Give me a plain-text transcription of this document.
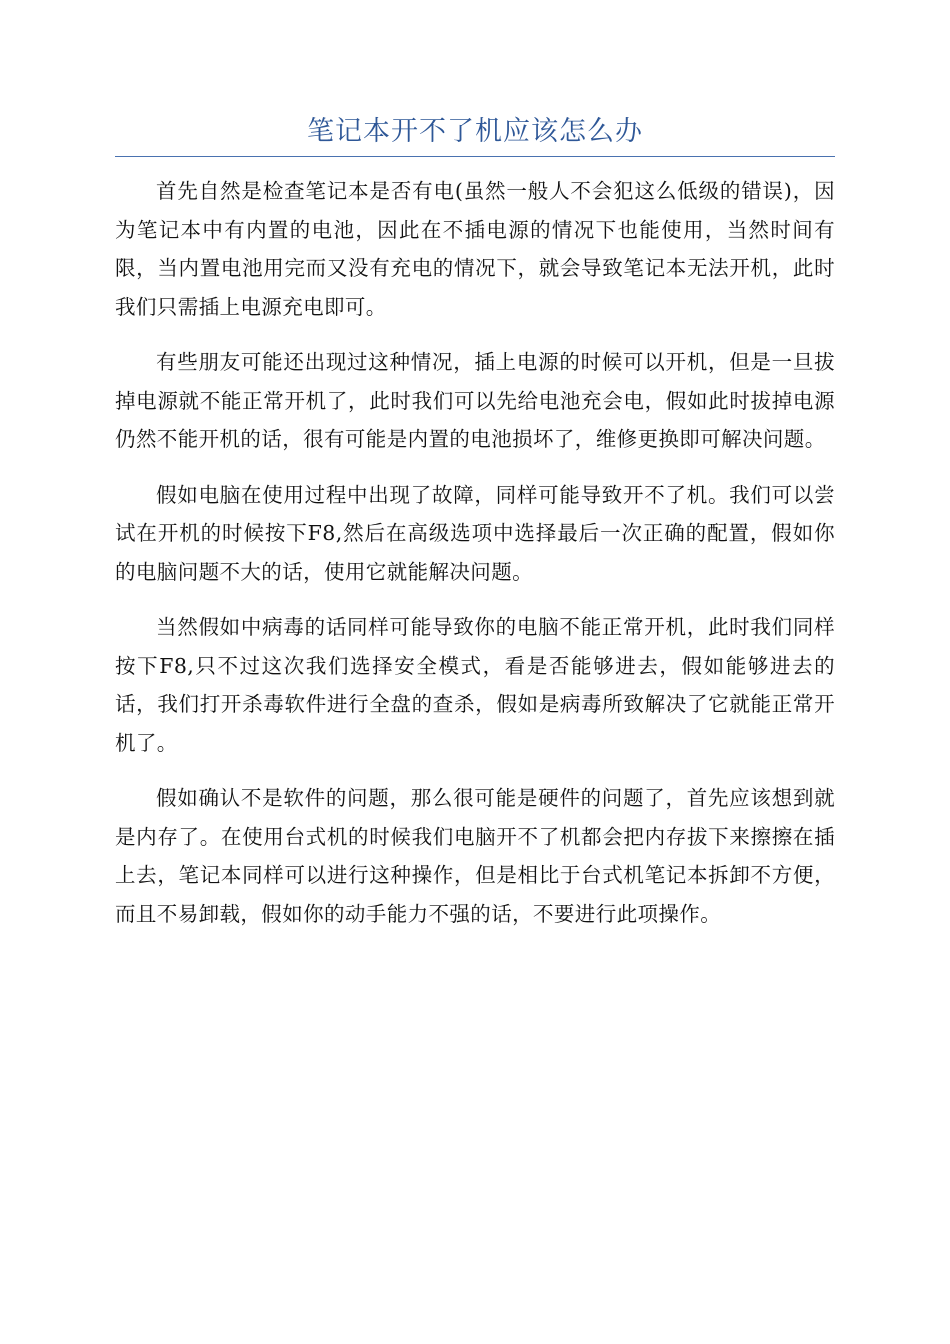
笔记本开不了机应该怎么办

首先自然是检查笔记本是否有电(虽然一般人不会犯这么低级的错误)，因为笔记本中有内置的电池，因此在不插电源的情况下也能使用，当然时间有限，当内置电池用完而又没有充电的情况下，就会导致笔记本无法开机，此时我们只需插上电源充电即可。

有些朋友可能还出现过这种情况，插上电源的时候可以开机，但是一旦拔掉电源就不能正常开机了，此时我们可以先给电池充会电，假如此时拔掉电源仍然不能开机的话，很有可能是内置的电池损坏了，维修更换即可解决问题。

假如电脑在使用过程中出现了故障，同样可能导致开不了机。我们可以尝试在开机的时候按下F8,然后在高级选项中选择最后一次正确的配置，假如你的电脑问题不大的话，使用它就能解决问题。

当然假如中病毒的话同样可能导致你的电脑不能正常开机，此时我们同样按下F8,只不过这次我们选择安全模式，看是否能够进去，假如能够进去的话，我们打开杀毒软件进行全盘的查杀，假如是病毒所致解决了它就能正常开机了。

假如确认不是软件的问题，那么很可能是硬件的问题了，首先应该想到就是内存了。在使用台式机的时候我们电脑开不了机都会把内存拔下来擦擦在插上去，笔记本同样可以进行这种操作，但是相比于台式机笔记本拆卸不方便，而且不易卸载，假如你的动手能力不强的话，不要进行此项操作。
